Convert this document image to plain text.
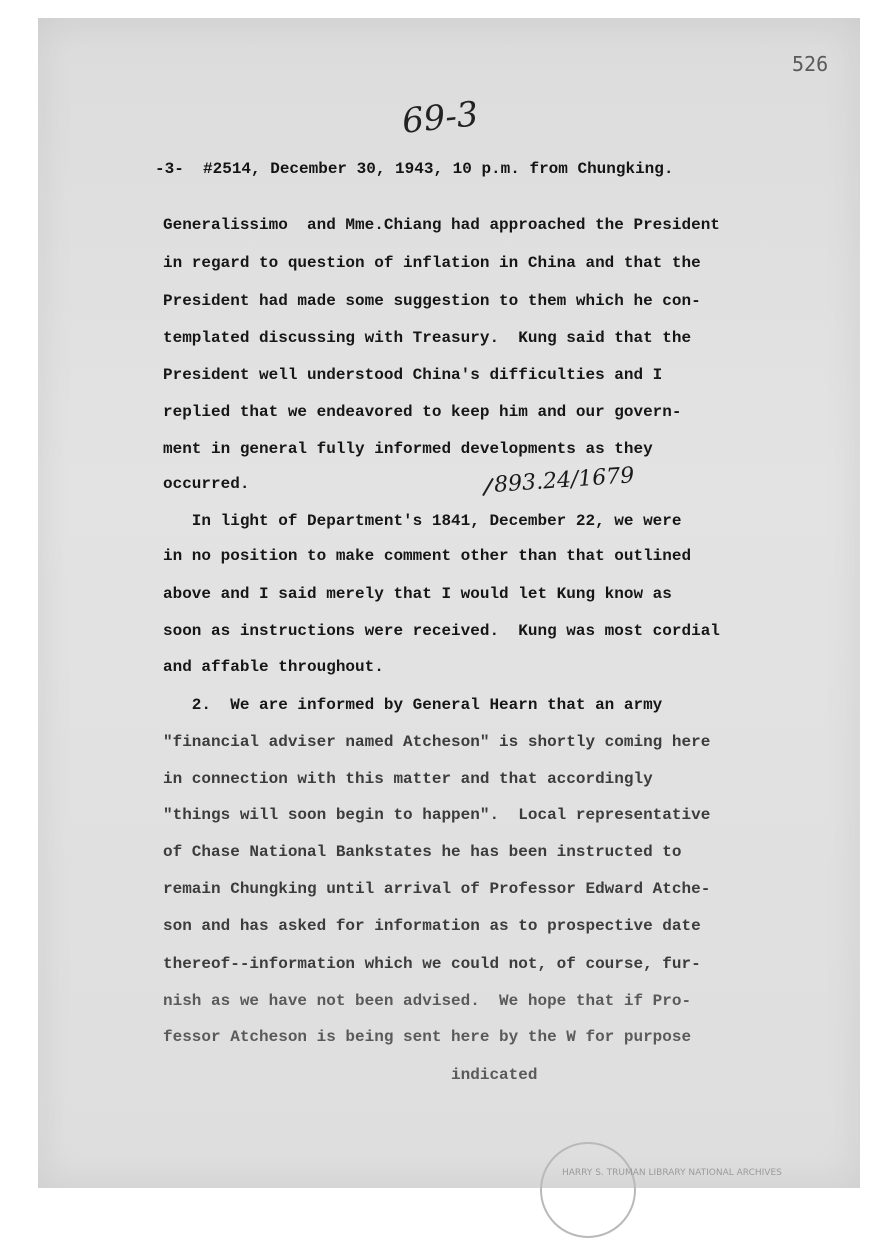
526
69-3
-3-  #2514, December 30, 1943, 10 p.m. from Chungking.
Generalissimo  and Mme.Chiang had approached the President
in regard to question of inflation in China and that the
President had made some suggestion to them which he con-
templated discussing with Treasury.  Kung said that the
President well understood China's difficulties and I
replied that we endeavored to keep him and our govern-
ment in general fully informed developments as they
occurred.	893.24/1679
In light of Department's 1841, December 22, we were
in no position to make comment other than that outlined
above and I said merely that I would let Kung know as
soon as instructions were received.  Kung was most cordial
and affable throughout.
2.  We are informed by General Hearn that an army
"financial adviser named Atcheson" is shortly coming here
in connection with this matter and that accordingly
"things will soon begin to happen".  Local representative
of Chase National Bankstates he has been instructed to
remain Chungking until arrival of Professor Edward Atche-
son and has asked for information as to prospective date
thereof--information which we could not, of course, fur-
nish as we have not been advised.  We hope that if Pro-
fessor Atcheson is being sent here by the W for purpose
indicated
HARRY S. TRUMAN LIBRARY NATIONAL ARCHIVES
